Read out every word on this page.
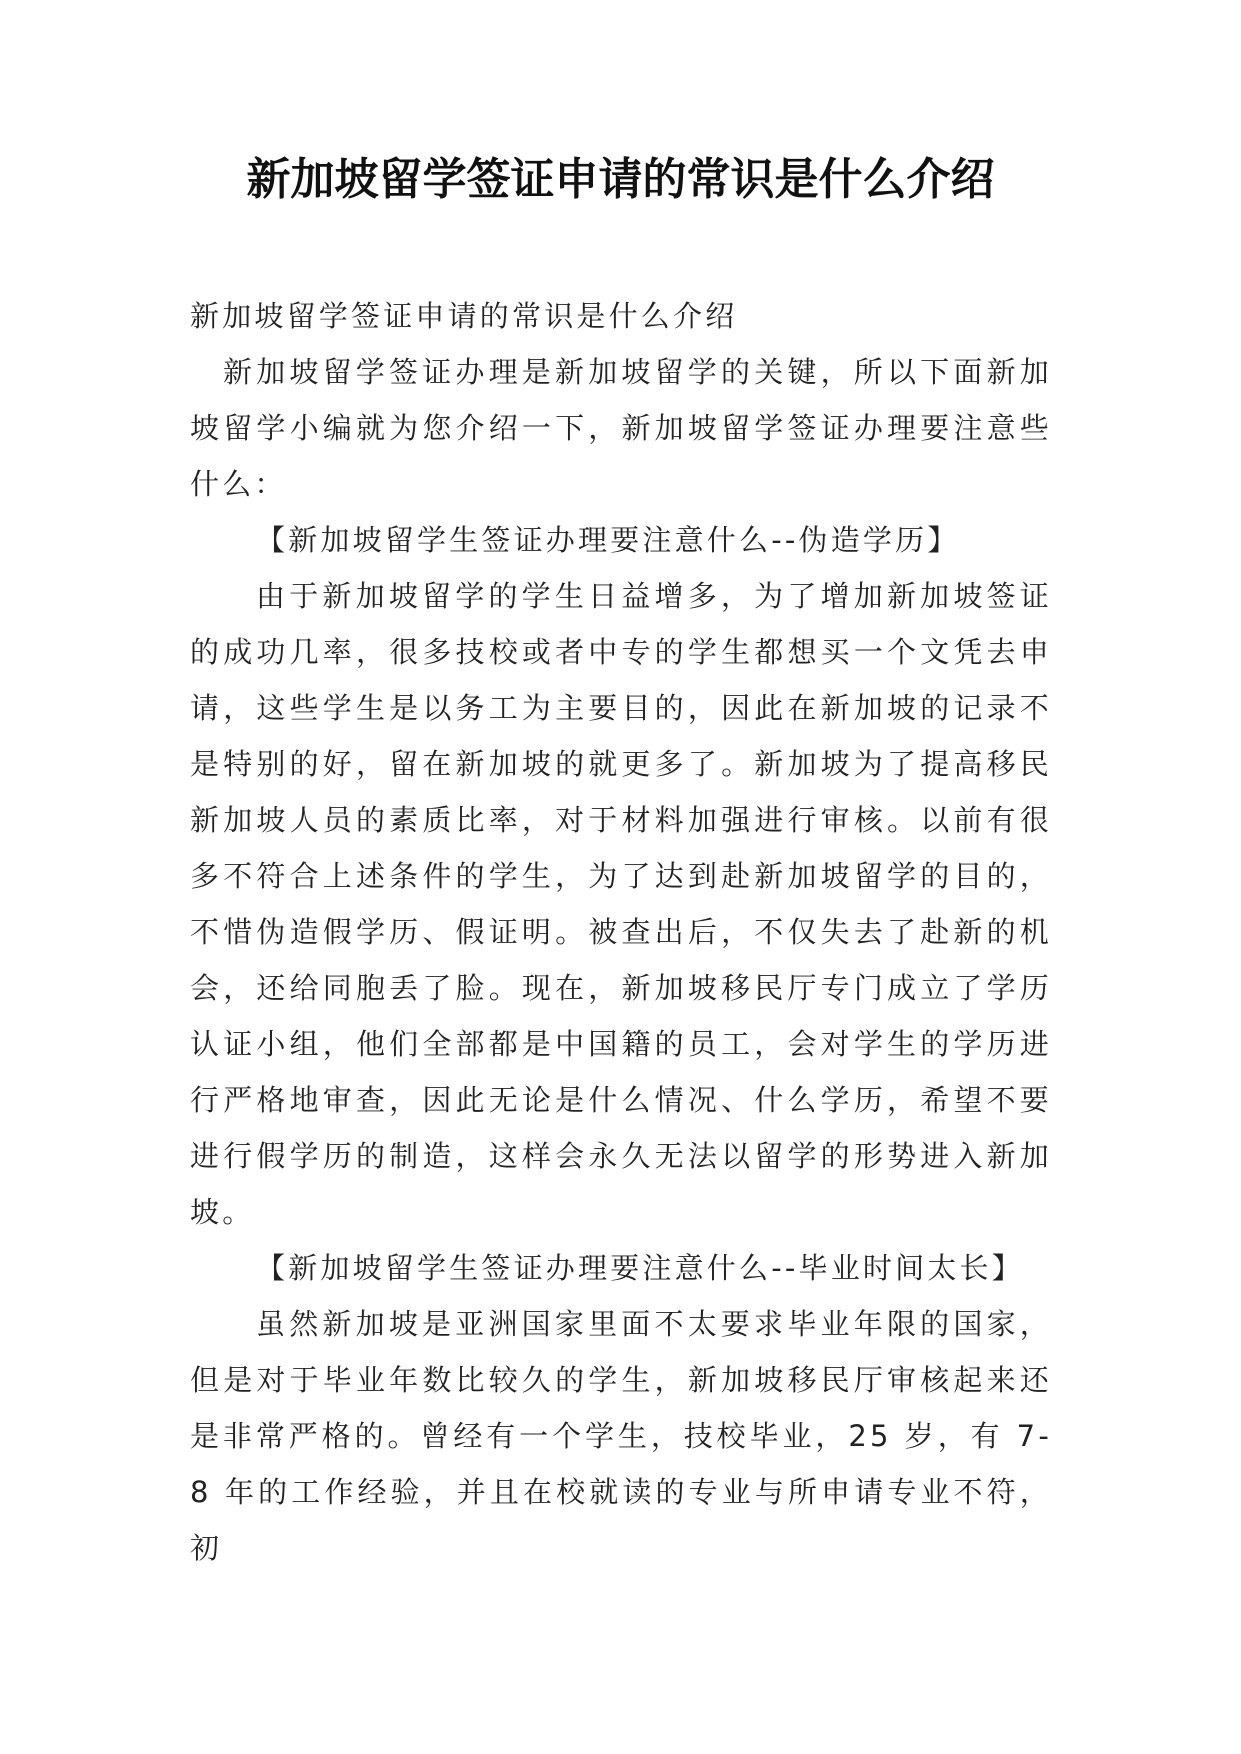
新加坡留学签证申请的常识是什么介绍

新加坡留学签证申请的常识是什么介绍

新加坡留学签证办理是新加坡留学的关键，所以下面新加坡留学小编就为您介绍一下，新加坡留学签证办理要注意些什么：

【新加坡留学生签证办理要注意什么--伪造学历】

由于新加坡留学的学生日益增多，为了增加新加坡签证的成功几率，很多技校或者中专的学生都想买一个文凭去申请，这些学生是以务工为主要目的，因此在新加坡的记录不是特别的好，留在新加坡的就更多了。新加坡为了提高移民新加坡人员的素质比率，对于材料加强进行审核。以前有很多不符合上述条件的学生，为了达到赴新加坡留学的目的，不惜伪造假学历、假证明。被查出后，不仅失去了赴新的机会，还给同胞丢了脸。现在，新加坡移民厅专门成立了学历认证小组，他们全部都是中国籍的员工，会对学生的学历进行严格地审查，因此无论是什么情况、什么学历，希望不要进行假学历的制造，这样会永久无法以留学的形势进入新加坡。

【新加坡留学生签证办理要注意什么--毕业时间太长】

虽然新加坡是亚洲国家里面不太要求毕业年限的国家，但是对于毕业年数比较久的学生，新加坡移民厅审核起来还是非常严格的。曾经有一个学生，技校毕业，25 岁，有 7-8 年的工作经验，并且在校就读的专业与所申请专业不符，初
